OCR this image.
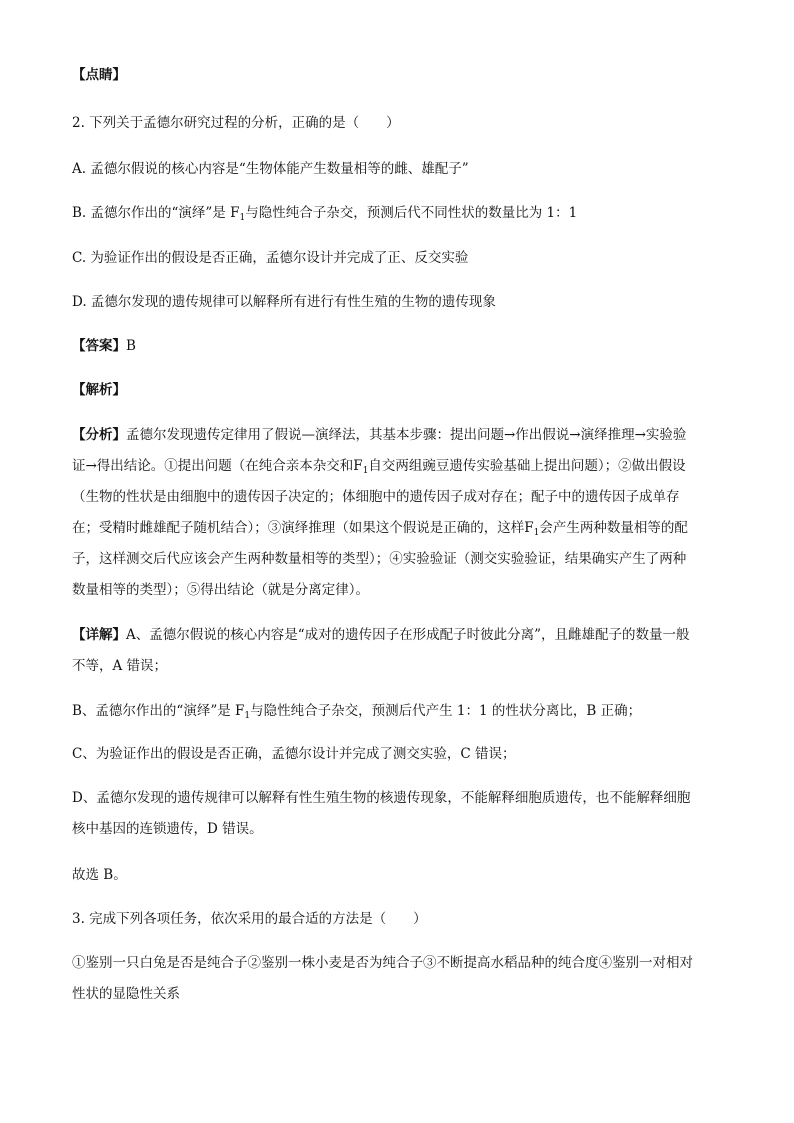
【点睛】
2. 下列关于孟德尔研究过程的分析，正确的是（　　）
A. 孟德尔假说的核心内容是“生物体能产生数量相等的雌、雄配子”
B. 孟德尔作出的“演绎”是 $F_1$与隐性纯合子杂交，预测后代不同性状的数量比为 1：1
C. 为验证作出的假设是否正确，孟德尔设计并完成了正、反交实验
D. 孟德尔发现的遗传规律可以解释所有进行有性生殖的生物的遗传现象
【答案】B
【解析】
【分析】孟德尔发现遗传定律用了假说—演绎法，其基本步骤：提出问题→作出假说→演绎推理→实验验
证→得出结论。①提出问题（在纯合亲本杂交和$F_1$自交两组豌豆遗传实验基础上提出问题）；②做出假设
（生物的性状是由细胞中的遗传因子决定的；体细胞中的遗传因子成对存在；配子中的遗传因子成单存
在；受精时雌雄配子随机结合）；③演绎推理（如果这个假说是正确的，这样$F_1$会产生两种数量相等的配
子，这样测交后代应该会产生两种数量相等的类型）；④实验验证（测交实验验证，结果确实产生了两种
数量相等的类型）；⑤得出结论（就是分离定律）。
【详解】A、孟德尔假说的核心内容是“成对的遗传因子在形成配子时彼此分离”，且雌雄配子的数量一般
不等，A 错误；
B、孟德尔作出的“演绎”是 $F_1$与隐性纯合子杂交，预测后代产生 1：1 的性状分离比，B 正确；
C、为验证作出的假设是否正确，孟德尔设计并完成了测交实验，C 错误；
D、孟德尔发现的遗传规律可以解释有性生殖生物的核遗传现象，不能解释细胞质遗传，也不能解释细胞
核中基因的连锁遗传，D 错误。
故选 B。
3. 完成下列各项任务，依次采用的最合适的方法是（　　）
①鉴别一只白兔是否是纯合子②鉴别一株小麦是否为纯合子③不断提高水稻品种的纯合度④鉴别一对相对
性状的显隐性关系
